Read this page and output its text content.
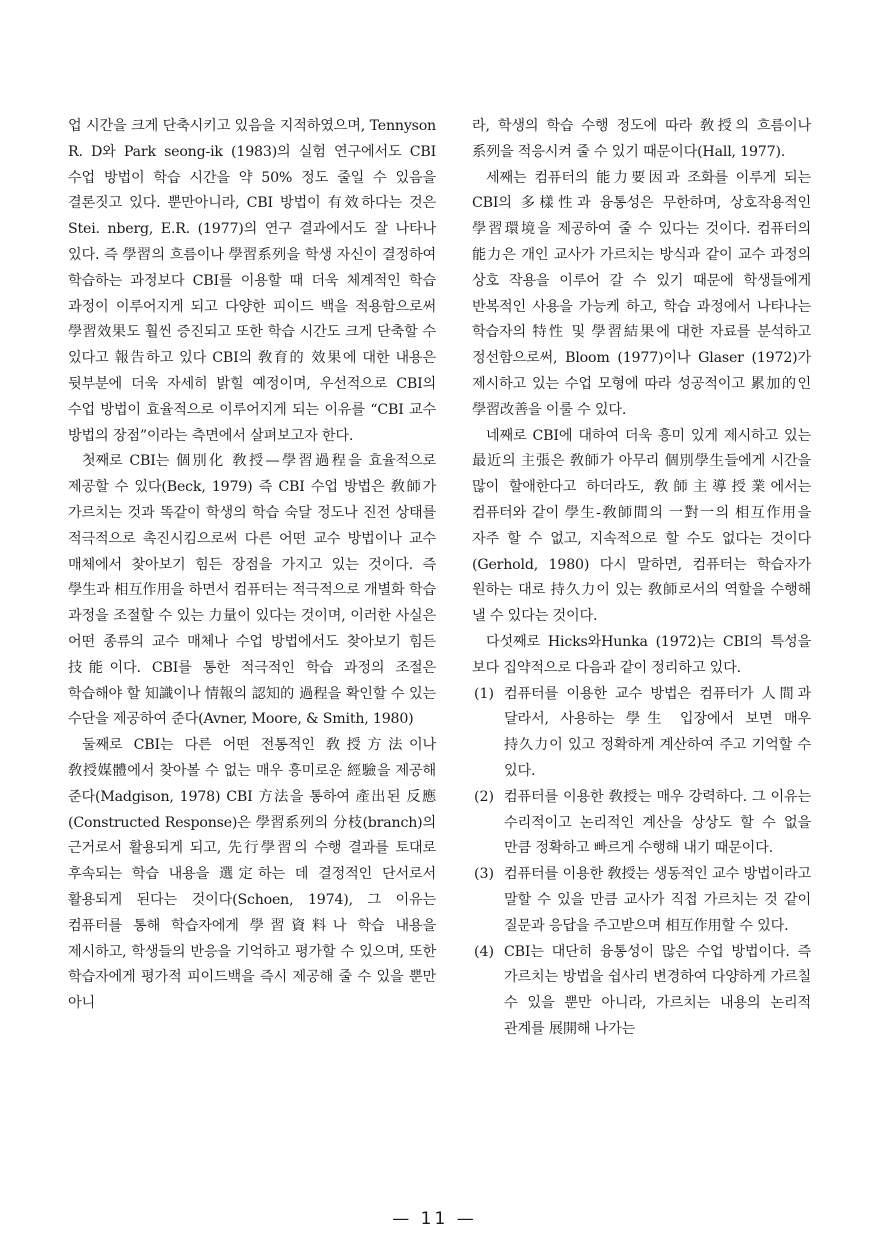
업 시간을 크게 단축시키고 있음을 지적하였으며, Tennyson R. D와 Park seong-ik (1983)의 실험 연구에서도 CBI 수업 방법이 학습 시간을 약 50% 정도 줄일 수 있음을 결론짓고 있다. 뿐만아니라, CBI 방법이 有效하다는 것은 Stei. nberg, E.R. (1977)의 연구 결과에서도 잘 나타나 있다. 즉 學習의 흐름이나 學習系列을 학생 자신이 결정하여 학습하는 과정보다 CBI를 이용할 때 더욱 체계적인 학습 과정이 이루어지게 되고 다양한 피이드 백을 적용함으로써 學習效果도 훨씬 증진되고 또한 학습 시간도 크게 단축할 수 있다고 報告하고 있다 CBI의 敎育的 效果에 대한 내용은 뒷부분에 더욱 자세히 밝힐 예정이며, 우선적으로 CBI의 수업 방법이 효율적으로 이루어지게 되는 이유를 “CBI 교수 방법의 장점”이라는 측면에서 살펴보고자 한다.

첫째로 CBI는 個別化 敎授—學習過程을 효율적으로 제공할 수 있다(Beck, 1979) 즉 CBI 수업 방법은 敎師가 가르치는 것과 똑같이 학생의 학습 숙달 정도나 진전 상태를 적극적으로 촉진시킴으로써 다른 어떤 교수 방법이나 교수 매체에서 찾아보기 힘든 장점을 가지고 있는 것이다. 즉 學生과 相互作用을 하면서 컴퓨터는 적극적으로 개별화 학습 과정을 조절할 수 있는 力量이 있다는 것이며, 이러한 사실은 어떤 종류의 교수 매체나 수업 방법에서도 찾아보기 힘든 技能이다. CBI를 통한 적극적인 학습 과정의 조절은 학습해야 할 知識이나 情報의 認知的 過程을 확인할 수 있는 수단을 제공하여 준다(Avner, Moore, & Smith, 1980)

둘째로 CBI는 다른 어떤 전통적인 敎授方法이나 敎授媒體에서 찾아볼 수 없는 매우 흥미로운 經驗을 제공해 준다(Madgison, 1978) CBI 方法을 통하여 產出된 反應(Constructed Response)은 學習系列의 分枝(branch)의 근거로서 활용되게 되고, 先行學習의 수행 결과를 토대로 후속되는 학습 내용을 選定하는 데 결정적인 단서로서 활용되게 된다는 것이다(Schoen, 1974), 그 이유는 컴퓨터를 통해 학습자에게 學習資料나 학습 내용을 제시하고, 학생들의 반응을 기억하고 평가할 수 있으며, 또한 학습자에게 평가적 피이드백을 즉시 제공해 줄 수 있을 뿐만 아니

라, 학생의 학습 수행 정도에 따라 敎授의 흐름이나 系列을 적응시켜 줄 수 있기 때문이다(Hall, 1977).

세째는 컴퓨터의 能力要因과 조화를 이루게 되는 CBI의 多樣性과 융통성은 무한하며, 상호작용적인 學習環境을 제공하여 줄 수 있다는 것이다. 컴퓨터의 能力은 개인 교사가 가르치는 방식과 같이 교수 과정의 상호 작용을 이루어 갈 수 있기 때문에 학생들에게 반복적인 사용을 가능케 하고, 학습 과정에서 나타나는 학습자의 特性 및 學習結果에 대한 자료를 분석하고 정선함으로써, Bloom (1977)이나 Glaser (1972)가 제시하고 있는 수업 모형에 따라 성공적이고 累加的인 學習改善을 이룰 수 있다.

네째로 CBI에 대하여 더욱 흥미 있게 제시하고 있는 最近의 主張은 敎師가 아무리 個別學生들에게 시간을 많이 할애한다고 하더라도, 敎師主導授業에서는 컴퓨터와 같이 學生-敎師間의 一對一의 相互作用을 자주 할 수 없고, 지속적으로 할 수도 없다는 것이다(Gerhold, 1980) 다시 말하면, 컴퓨터는 학습자가 원하는 대로 持久力이 있는 敎師로서의 역할을 수행해 낼 수 있다는 것이다.

다섯째로 Hicks와Hunka (1972)는 CBI의 특성을 보다 집약적으로 다음과 같이 정리하고 있다.

(1) 컴퓨터를 이용한 교수 방법은 컴퓨터가 人間과 달라서, 사용하는 學生 입장에서 보면 매우 持久力이 있고 정확하게 계산하여 주고 기억할 수 있다.
(2) 컴퓨터를 이용한 敎授는 매우 강력하다. 그 이유는 수리적이고 논리적인 계산을 상상도 할 수 없을 만큼 정확하고 빠르게 수행해 내기 때문이다.
(3) 컴퓨터를 이용한 敎授는 생동적인 교수 방법이라고 말할 수 있을 만큼 교사가 직접 가르치는 것 같이 질문과 응답을 주고받으며 相互作用할 수 있다.
(4) CBI는 대단히 융통성이 많은 수업 방법이다. 즉 가르치는 방법을 쉽사리 변경하여 다양하게 가르칠 수 있을 뿐만 아니라, 가르치는 내용의 논리적 관계를 展開해 나가는
— 11 —
